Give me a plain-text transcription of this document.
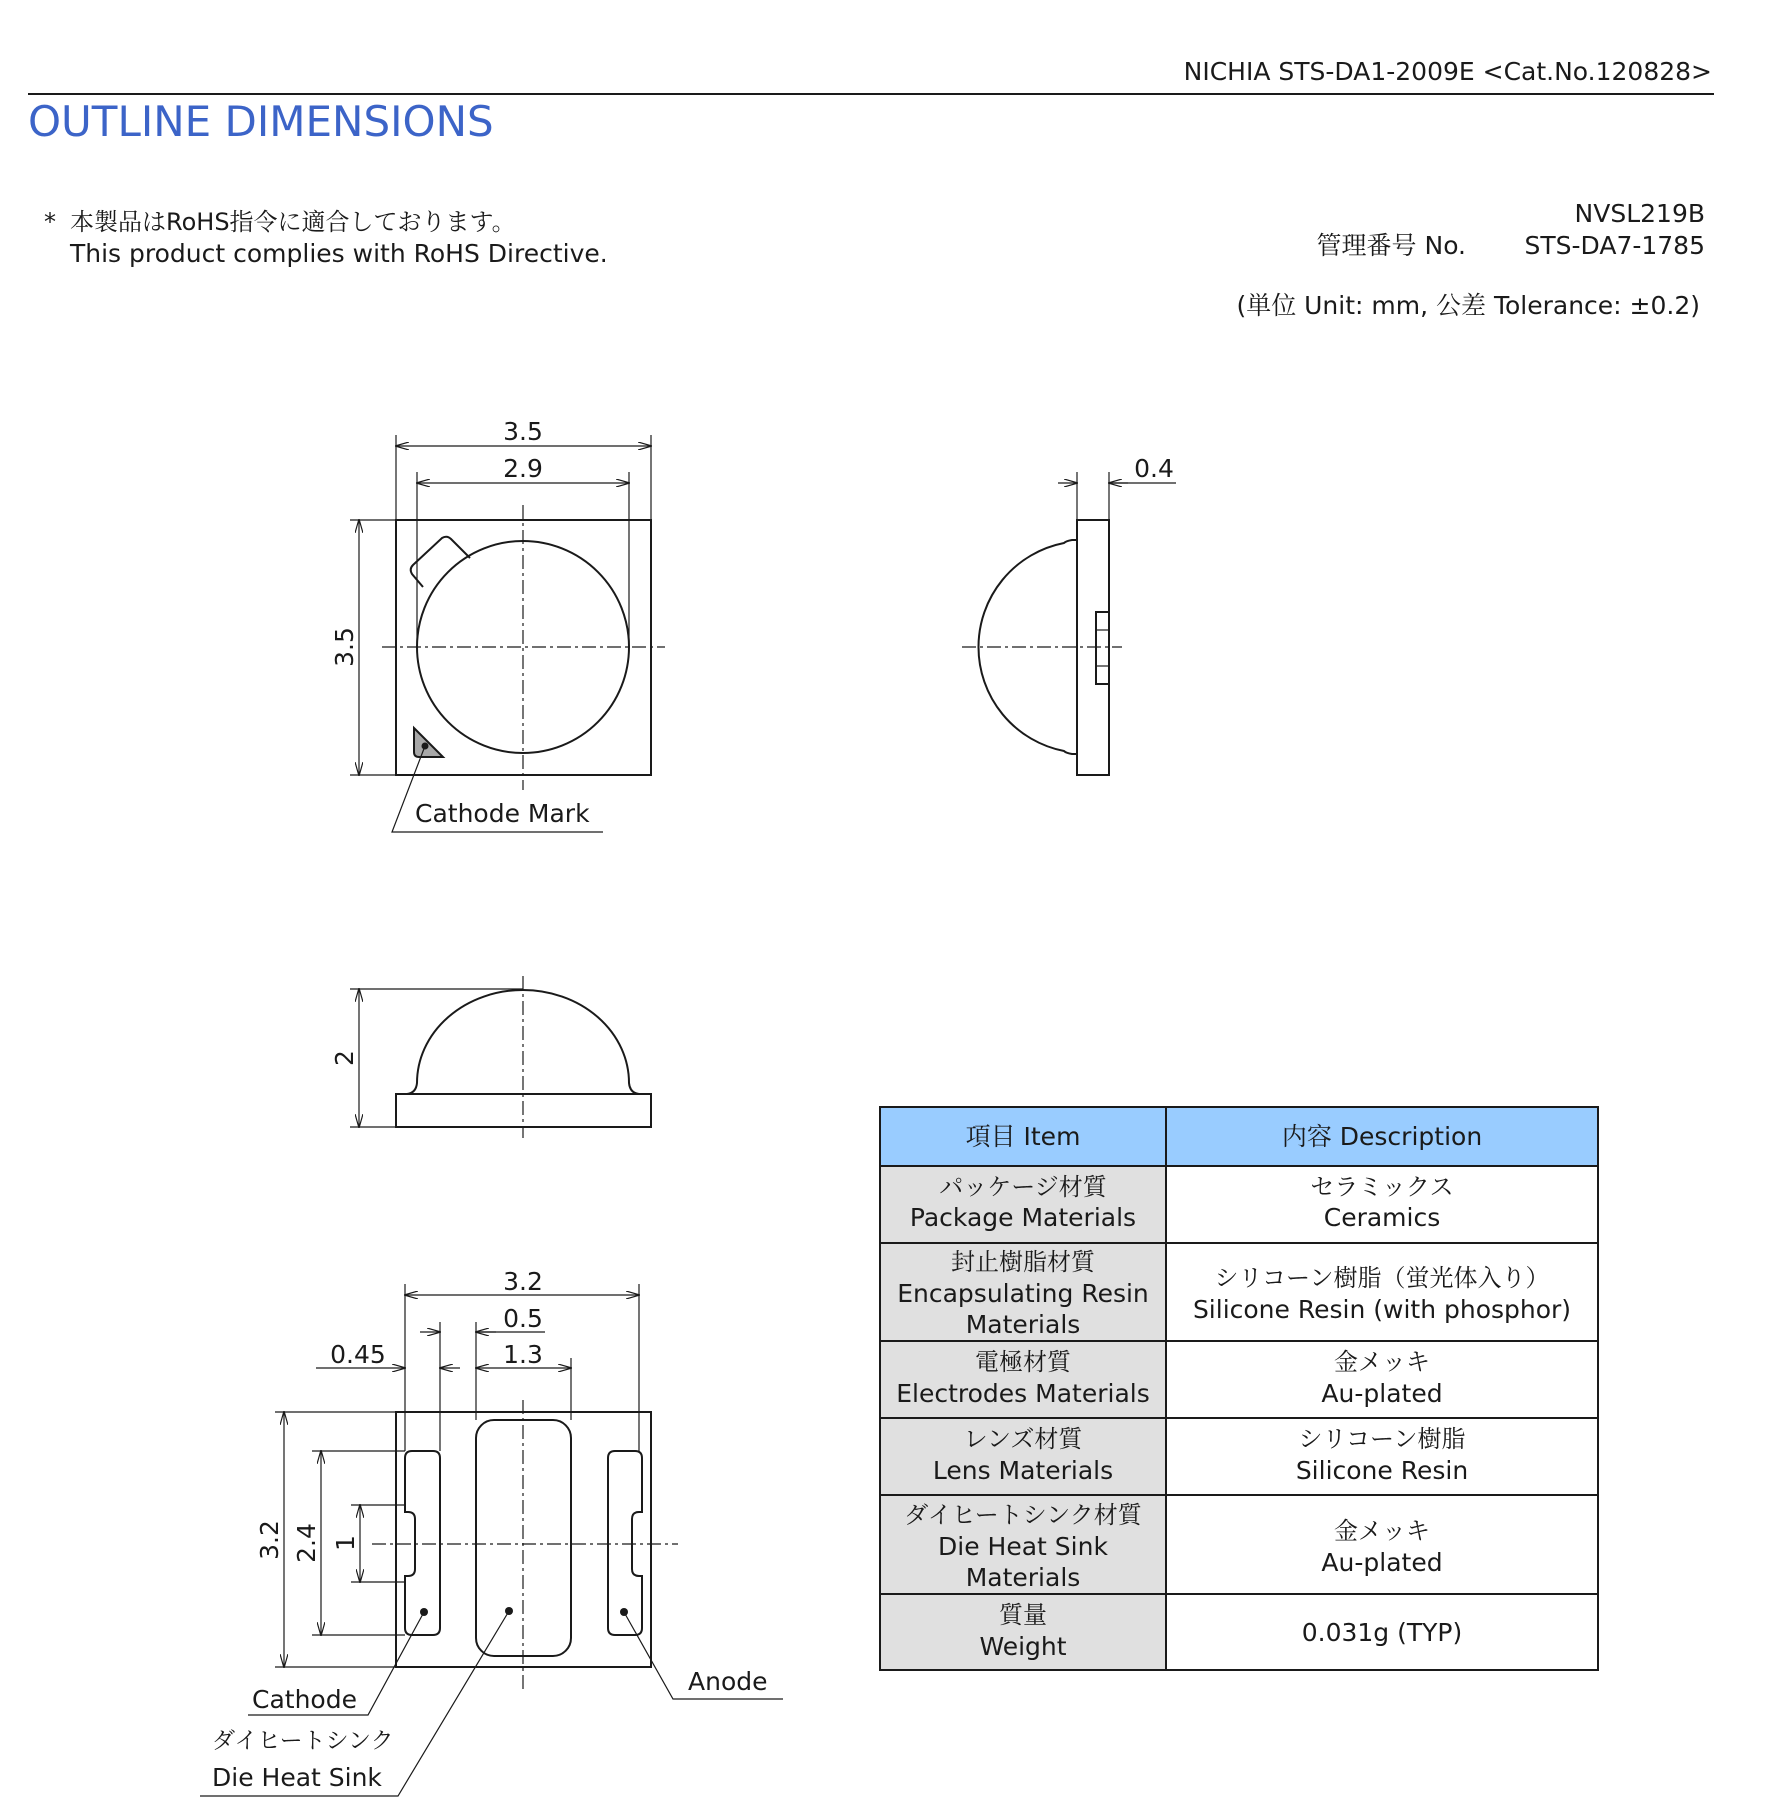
NICHIA STS-DA1-2009E <Cat.No.120828>
OUTLINE DIMENSIONS
* 本製品はRoHS指令に適合しております。
This product complies with RoHS Directive.
NVSL219B
管理番号 No. STS-DA7-1785
(単位 Unit: mm, 公差 Tolerance: ±0.2)
3.5
2.9
3.5
Cathode Mark
0.4
2
3.2
0.5
1.3
0.45
3.2 2.4 1
Cathode
Anode
ダイヒートシンク
Die Heat Sink
項目 Item	内容 Description
パッケージ材質
Package Materials
セラミックス
Ceramics
封止樹脂材質
Encapsulating Resin
Materials
シリコーン樹脂（蛍光体入り）
Silicone Resin (with phosphor)
電極材質
Electrodes Materials
金メッキ
Au-plated
レンズ材質
Lens Materials
シリコーン樹脂
Silicone Resin
ダイヒートシンク材質
Die Heat Sink
Materials
金メッキ
Au-plated
質量
Weight	0.031g (TYP)
